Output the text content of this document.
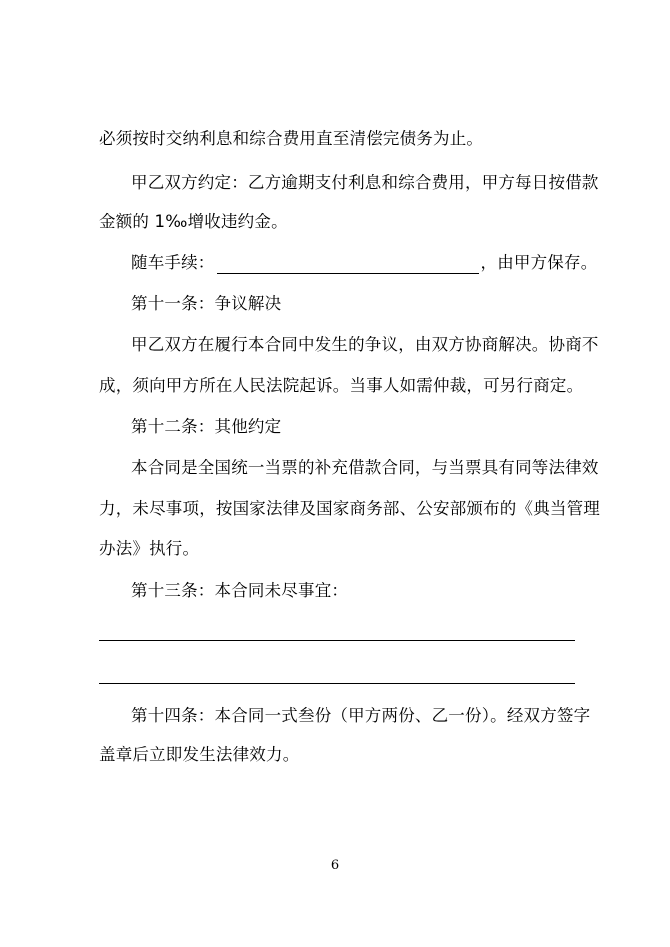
必须按时交纳利息和综合费用直至清偿完债务为止。
甲乙双方约定：乙方逾期支付利息和综合费用，甲方每日按借款
金额的 1‰增收违约金。
随车手续：	，由甲方保存。
第十一条：争议解决
甲乙双方在履行本合同中发生的争议，由双方协商解决。协商不
成，须向甲方所在人民法院起诉。当事人如需仲裁，可另行商定。
第十二条：其他约定
本合同是全国统一当票的补充借款合同，与当票具有同等法律效
力，未尽事项，按国家法律及国家商务部、公安部颁布的《典当管理
办法》执行。
第十三条：本合同未尽事宜：
第十四条：本合同一式叁份（甲方两份、乙一份）。经双方签字
盖章后立即发生法律效力。
6
